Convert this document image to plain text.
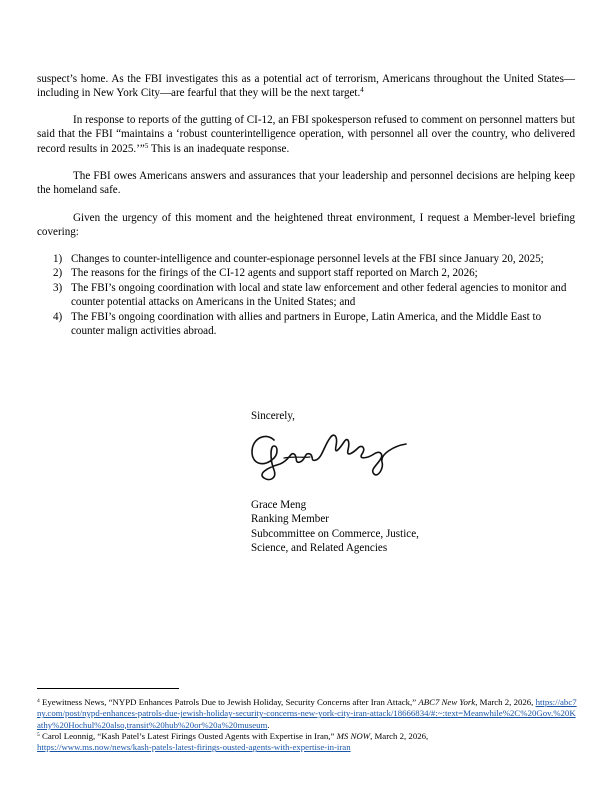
suspect’s home. As the FBI investigates this as a potential act of terrorism, Americans throughout the United States—including in New York City—are fearful that they will be the next target.$^4$

In response to reports of the gutting of CI-12, an FBI spokesperson refused to comment on personnel matters but said that the FBI “maintains a ‘robust counterintelligence operation, with personnel all over the country, who delivered record results in 2025.’”$^5$ This is an inadequate response.

The FBI owes Americans answers and assurances that your leadership and personnel decisions are helping keep the homeland safe.

Given the urgency of this moment and the heightened threat environment, I request a Member-level briefing covering:

1) Changes to counter-intelligence and counter-espionage personnel levels at the FBI since January 20, 2025;
2) The reasons for the firings of the CI-12 agents and support staff reported on March 2, 2026;
3) The FBI’s ongoing coordination with local and state law enforcement and other federal agencies to monitor and counter potential attacks on Americans in the United States; and
4) The FBI’s ongoing coordination with allies and partners in Europe, Latin America, and the Middle East to counter malign activities abroad.
Sincerely,
Grace Meng
Ranking Member
Subcommittee on Commerce, Justice,
Science, and Related Agencies

$^4$ Eyewitness News, “NYPD Enhances Patrols Due to Jewish Holiday, Security Concerns after Iran Attack,” ABC7 New York, March 2, 2026, https://abc7ny.com/post/nypd-enhances-patrols-due-jewish-holiday-security-concerns-new-york-city-iran-attack/18666834/#:~:text=Meanwhile%2C%20Gov.%20Kathy%20Hochul%20also,transit%20hub%20or%20a%20museum.

$^5$ Carol Leonnig, “Kash Patel’s Latest Firings Ousted Agents with Expertise in Iran,” MS NOW, March 2, 2026,
https://www.ms.now/news/kash-patels-latest-firings-ousted-agents-with-expertise-in-iran
